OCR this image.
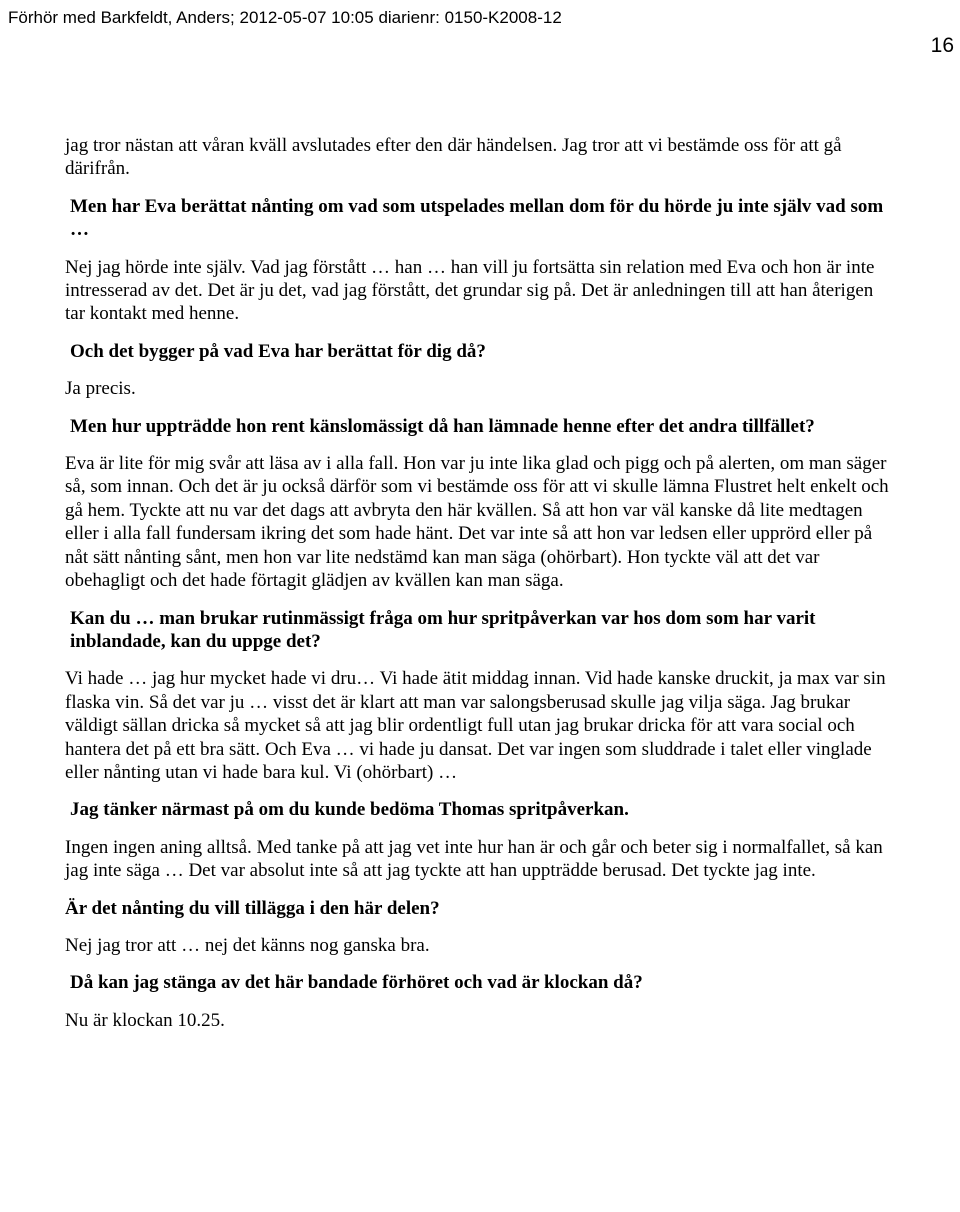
Förhör med Barkfeldt, Anders; 2012-05-07 10:05 diarienr: 0150-K2008-12
16

jag tror nästan att våran kväll avslutades efter den där händelsen. Jag tror att vi bestämde oss för att gå därifrån.

Men har Eva berättat nånting om vad som utspelades mellan dom för du hörde ju inte själv vad som …

Nej jag hörde inte själv. Vad jag förstått … han … han vill ju fortsätta sin relation med Eva och hon är inte intresserad av det. Det är ju det, vad jag förstått, det grundar sig på. Det är anledningen till att han återigen tar kontakt med henne.

Och det bygger på vad Eva har berättat för dig då?

Ja precis.

Men hur uppträdde hon rent känslomässigt då han lämnade henne efter det andra tillfället?

Eva är lite för mig svår att läsa av i alla fall. Hon var ju inte lika glad och pigg och på alerten, om man säger så, som innan. Och det är ju också därför som vi bestämde oss för att vi skulle lämna Flustret helt enkelt och gå hem. Tyckte att nu var det dags att avbryta den här kvällen. Så att hon var väl kanske då lite medtagen eller i alla fall fundersam ikring det som hade hänt. Det var inte så att hon var ledsen eller upprörd eller på nåt sätt nånting sånt, men hon var lite nedstämd kan man säga (ohörbart). Hon tyckte väl att det var obehagligt och det hade förtagit glädjen av kvällen kan man säga.

Kan du … man brukar rutinmässigt fråga om hur spritpåverkan var hos dom som har varit inblandade, kan du uppge det?

Vi hade … jag hur mycket hade vi dru… Vi hade ätit middag innan. Vid hade kanske druckit, ja max var sin flaska vin. Så det var ju … visst det är klart att man var salongsberusad skulle jag vilja säga. Jag brukar väldigt sällan dricka så mycket så att jag blir ordentligt full utan jag brukar dricka för att vara social och hantera det på ett bra sätt. Och Eva … vi hade ju dansat. Det var ingen som sluddrade i talet eller vinglade eller nånting utan vi hade bara kul. Vi (ohörbart) …

Jag tänker närmast på om du kunde bedöma Thomas spritpåverkan.

Ingen ingen aning alltså. Med tanke på att jag vet inte hur han är och går och beter sig i normalfallet, så kan jag inte säga … Det var absolut inte så att jag tyckte att han uppträdde berusad. Det tyckte jag inte.

Är det nånting du vill tillägga i den här delen?

Nej jag tror att … nej det känns nog ganska bra.

Då kan jag stänga av det här bandade förhöret och vad är klockan då?

Nu är klockan 10.25.
